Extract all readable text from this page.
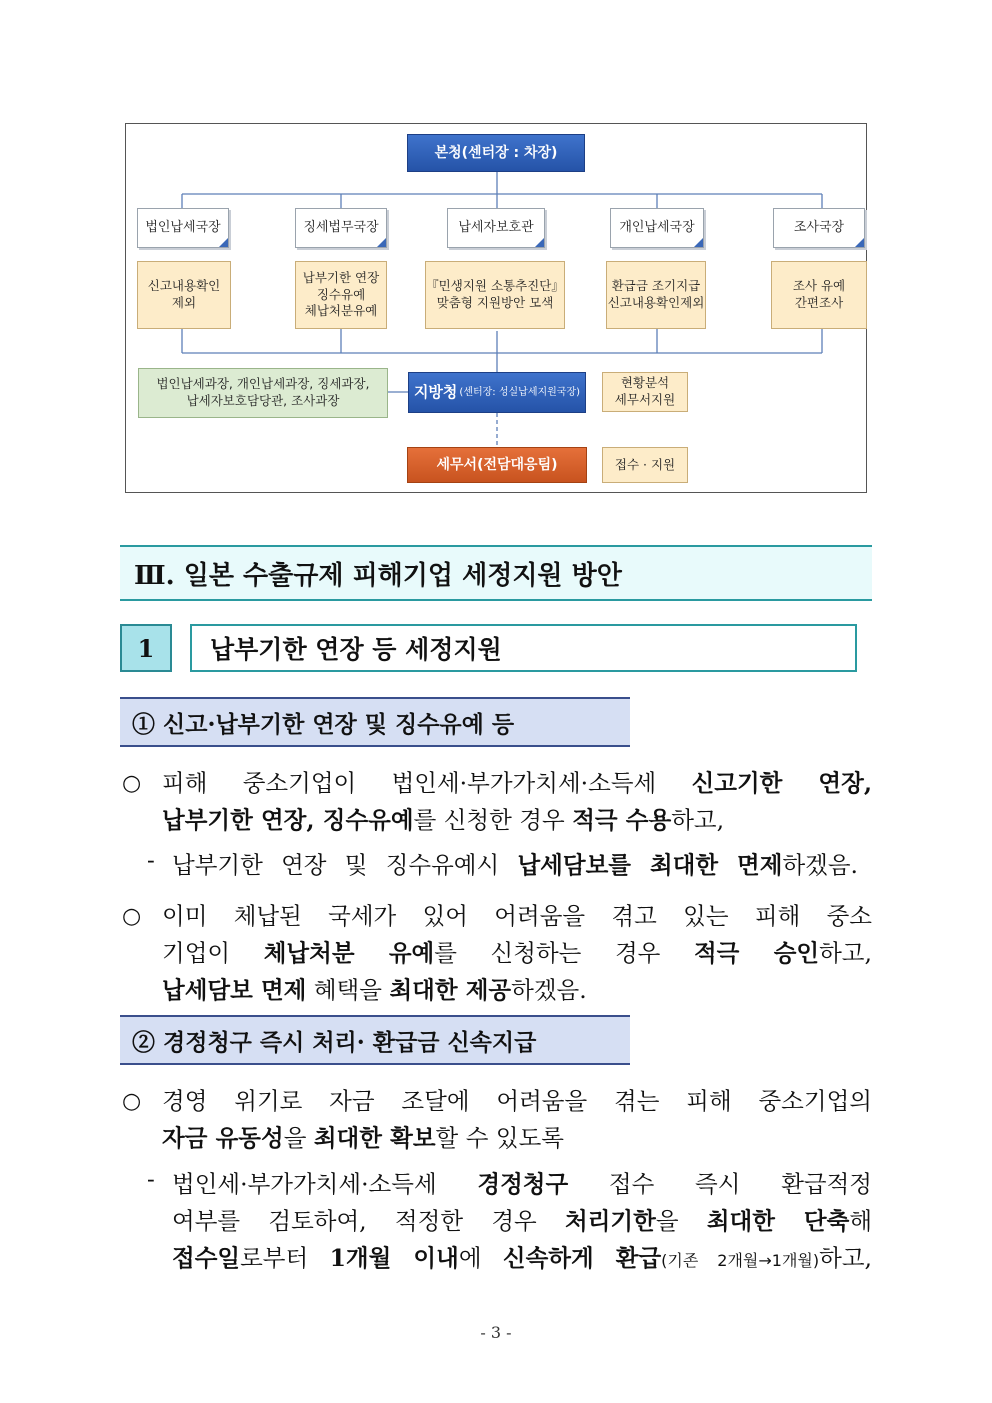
본청(센터장 : 차장)
법인납세국장	징세법무국장	납세자보호관	개인납세국장	조사국장
신고내용확인
제외
납부기한 연장
징수유예
체납처분유예
『민생지원 소통추진단』
맞춤형 지원방안 모색
환급금 조기지급
신고내용확인제외
조사 유예
간편조사
법인납세과장, 개인납세과장, 징세과장,
납세자보호담당관, 조사과장	지방청 (센터장: 성실납세지원국장)
현황분석
세무서지원
세무서(전담대응팀)	접수 · 지원
Ⅲ. 일본 수출규제 피해기업 세정지원 방안
1	납부기한 연장 등 세정지원
① 신고·납부기한 연장 및 징수유예 등
○ 피해 중소기업이 법인세·부가가치세·소득세 신고기한 연장,
납부기한 연장, 징수유예를 신청한 경우 적극 수용하고,
- 납부기한 연장 및 징수유예시 납세담보를 최대한 면제하겠음.
○ 이미 체납된 국세가 있어 어려움을 겪고 있는 피해 중소
기업이 체납처분 유예를 신청하는 경우 적극 승인하고,
납세담보 면제 혜택을 최대한 제공하겠음.
② 경정청구 즉시 처리· 환급금 신속지급
○ 경영 위기로 자금 조달에 어려움을 겪는 피해 중소기업의
자금 유동성을 최대한 확보할 수 있도록
- 법인세·부가가치세·소득세 경정청구 접수 즉시 환급적정
여부를 검토하여, 적정한 경우 처리기한을 최대한 단축해
접수일로부터 1개월 이내에 신속하게 환급(기존 2개월→1개월)하고,
- 3 -
